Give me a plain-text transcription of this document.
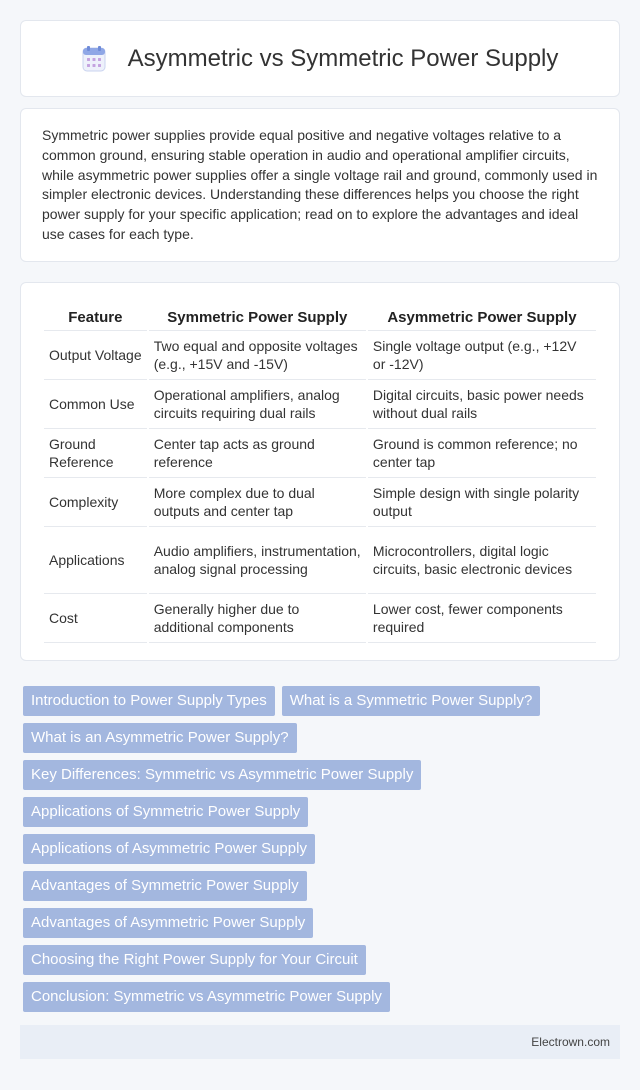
Asymmetric vs Symmetric Power Supply

Symmetric power supplies provide equal positive and negative voltages relative to a common ground, ensuring stable operation in audio and operational amplifier circuits, while asymmetric power supplies offer a single voltage rail and ground, commonly used in simpler electronic devices. Understanding these differences helps you choose the right power supply for your specific application; read on to explore the advantages and ideal use cases for each type.

Feature	Symmetric Power Supply	Asymmetric Power Supply
Output Voltage	Two equal and opposite voltages (e.g., +15V and -15V)	Single voltage output (e.g., +12V or -12V)
Common Use	Operational amplifiers, analog circuits requiring dual rails	Digital circuits, basic power needs without dual rails
Ground Reference	Center tap acts as ground reference	Ground is common reference; no center tap
Complexity	More complex due to dual outputs and center tap	Simple design with single polarity output
Applications	Audio amplifiers, instrumentation, analog signal processing	Microcontrollers, digital logic circuits, basic electronic devices
Cost	Generally higher due to additional components	Lower cost, fewer components required
Introduction to Power Supply Types	What is a Symmetric Power Supply?
What is an Asymmetric Power Supply?
Key Differences: Symmetric vs Asymmetric Power Supply
Applications of Symmetric Power Supply
Applications of Asymmetric Power Supply
Advantages of Symmetric Power Supply
Advantages of Asymmetric Power Supply
Choosing the Right Power Supply for Your Circuit
Conclusion: Symmetric vs Asymmetric Power Supply
Electrown.com
